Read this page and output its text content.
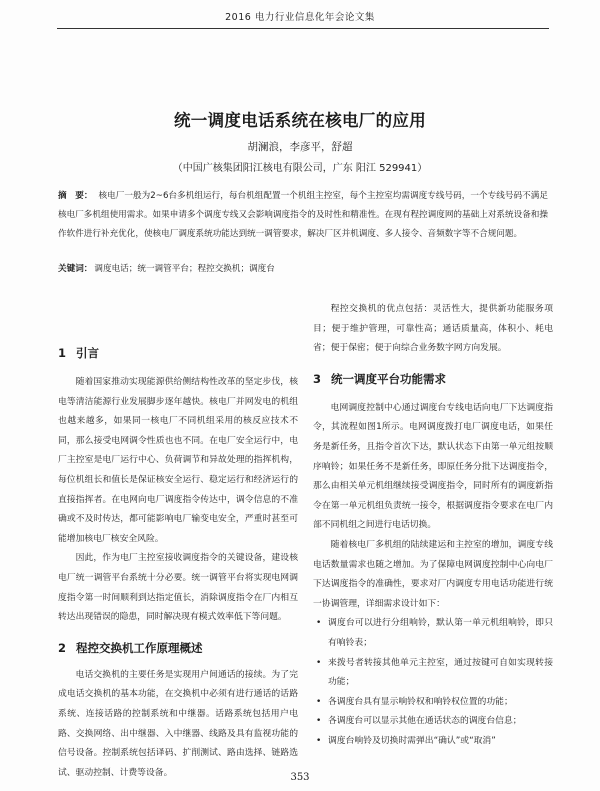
2016 电力行业信息化年会论文集
统一调度电话系统在核电厂的应用
胡澜浪，李彦平，舒超
（中国广核集团阳江核电有限公司，广东 阳江 529941）
摘　要： 核电厂一般为2~6台多机组运行，每台机组配置一个机组主控室，每个主控室均需调度专线号码，一个专线号码不满足核电厂多机组使用需求。如果申请多个调度专线又会影响调度指令的及时性和精准性。在现有程控调度网的基础上对系统设备和操作软件进行补充优化，使核电厂调度系统功能达到统一调管要求，解决厂区并机调度、多人接令、音频数字等不合规问题。
关键词： 调度电话；统一调管平台；程控交换机；调度台
1 引言

随着国家推动实现能源供给侧结构性改革的坚定步伐，核电等清洁能源行业发展脚步逐年越快。核电厂并网发电的机组也越来越多，如果同一核电厂不同机组采用的核反应技术不同，那么接受电网调令性质也也不同。在电厂安全运行中，电厂主控室是电厂运行中心、负荷调节和异故处理的指挥机构，每位机组长和值长是保证核安全运行、稳定运行和经济运行的直接指挥者。在电网向电厂调度指令传达中，调令信息的不准确或不及时传达，都可能影响电厂输变电安全，严重时甚至可能增加核电厂核安全风险。

因此，作为电厂主控室接收调度指令的关键设备，建设核电厂统一调管平台系统十分必要。统一调管平台将实现电网调度指令第一时间顺利到达指定值长，消除调度指令在厂内相互转达出现错误的隐患，同时解决现有模式效率低下等问题。

2 程控交换机工作原理概述

电话交换机的主要任务是实现用户间通话的接续。为了完成电话交换机的基本功能，在交换机中必须有进行通话的话路系统、连接话路的控制系统和中继器。话路系统包括用户电路、交换网络、出中继器、入中继器、线路及具有监视功能的信号设备。控制系统包括译码、扩削测试、路由选择、链路选试、驱动控制、计费等设备。

程控交换机的优点包括：灵活性大，提供新功能服务项目；便于维护管理，可靠性高；通话质量高，体积小、耗电省；便于保密；便于向综合业务数字网方向发展。

3 统一调度平台功能需求

电网调度控制中心通过调度台专线电话向电厂下达调度指令，其流程如图1所示。电网调度拨打电厂调度电话，如果任务是新任务，且指令首次下达，默认状态下由第一单元组按顺序响铃；如果任务不是新任务，即原任务分批下达调度指令，那么由相关单元机组继续接受调度指令，同时所有的调度新指令在第一单元机组负责统一接令，根据调度指令要求在电厂内部不同机组之间进行电话切换。

随着核电厂多机组的陆续建运和主控室的增加，调度专线电话数量需求也随之增加。为了保障电网调度控制中心向电厂下达调度指令的准确性，要求对厂内调度专用电话功能进行统一协调管理，详细需求设计如下：

• 调度台可以进行分组响铃，默认第一单元机组响铃，即只有响铃表；
• 来拨号者转接其他单元主控室，通过按键可自如实现转接功能；
• 各调度台具有显示响铃权和响铃权位置的功能；
• 各调度台可以显示其他在通话状态的调度台信息；
• 调度台响铃及切换时需弹出“确认”或“取消”
353
